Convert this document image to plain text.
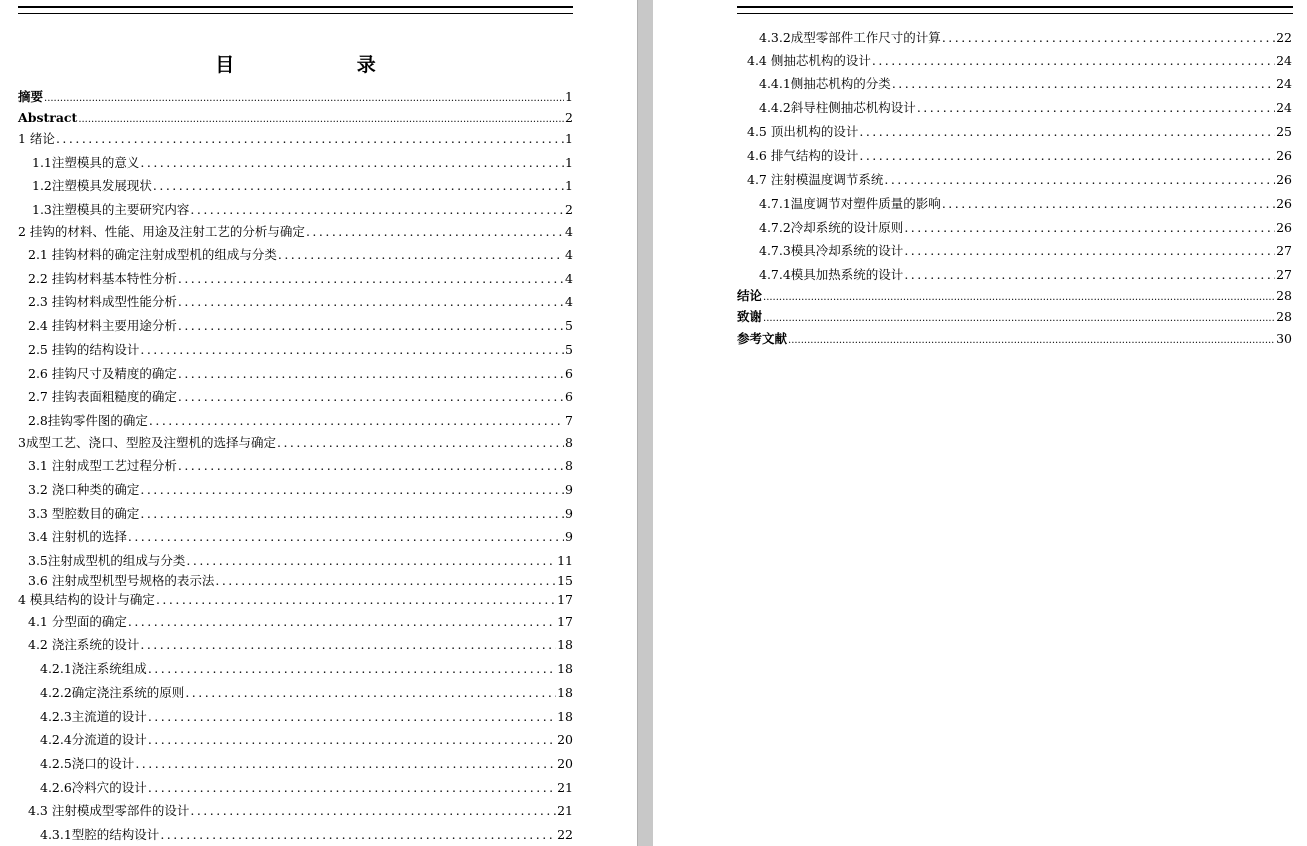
目 录
摘要 .....	1
Abstract .....	2
1 绪论 .....	1
1.1注塑模具的意义 .....	1
1.2注塑模具发展现状 .....	1
1.3注塑模具的主要研究内容 .....	2
2 挂钩的材料、性能、用途及注射工艺的分析与确定 .....	4
2.1 挂钩材料的确定注射成型机的组成与分类 .....	4
2.2 挂钩材料基本特性分析 .....	4
2.3 挂钩材料成型性能分析 .....	4
2.4 挂钩材料主要用途分析 .....	5
2.5 挂钩的结构设计 .....	5
2.6 挂钩尺寸及精度的确定 .....	6
2.7 挂钩表面粗糙度的确定 .....	6
2.8挂钩零件图的确定 .....	7
3成型工艺、浇口、型腔及注塑机的选择与确定 .....	8
3.1 注射成型工艺过程分析 .....	8
3.2 浇口种类的确定 .....	9
3.3 型腔数目的确定 .....	9
3.4 注射机的选择 .....	9
3.5注射成型机的组成与分类 .....	11
3.6 注射成型机型号规格的表示法 .....	15
4 模具结构的设计与确定 .....	17
4.1 分型面的确定 .....	17
4.2 浇注系统的设计 .....	18
4.2.1浇注系统组成 .....	18
4.2.2确定浇注系统的原则 .....	18
4.2.3主流道的设计 .....	18
4.2.4分流道的设计 .....	20
4.2.5浇口的设计 .....	20
4.2.6冷料穴的设计 .....	21
4.3 注射模成型零部件的设计 .....	21
4.3.1型腔的结构设计 .....	22
4.3.2成型零部件工作尺寸的计算 .....	22
4.4 侧抽芯机构的设计 .....	24
4.4.1侧抽芯机构的分类 .....	24
4.4.2斜导柱侧抽芯机构设计 .....	24
4.5 顶出机构的设计 .....	25
4.6 排气结构的设计 .....	26
4.7 注射模温度调节系统 .....	26
4.7.1温度调节对塑件质量的影响 .....	26
4.7.2冷却系统的设计原则 .....	26
4.7.3模具冷却系统的设计 .....	27
4.7.4模具加热系统的设计 .....	27
结论 .....	28
致谢 .....	28
参考文献 .....	30
